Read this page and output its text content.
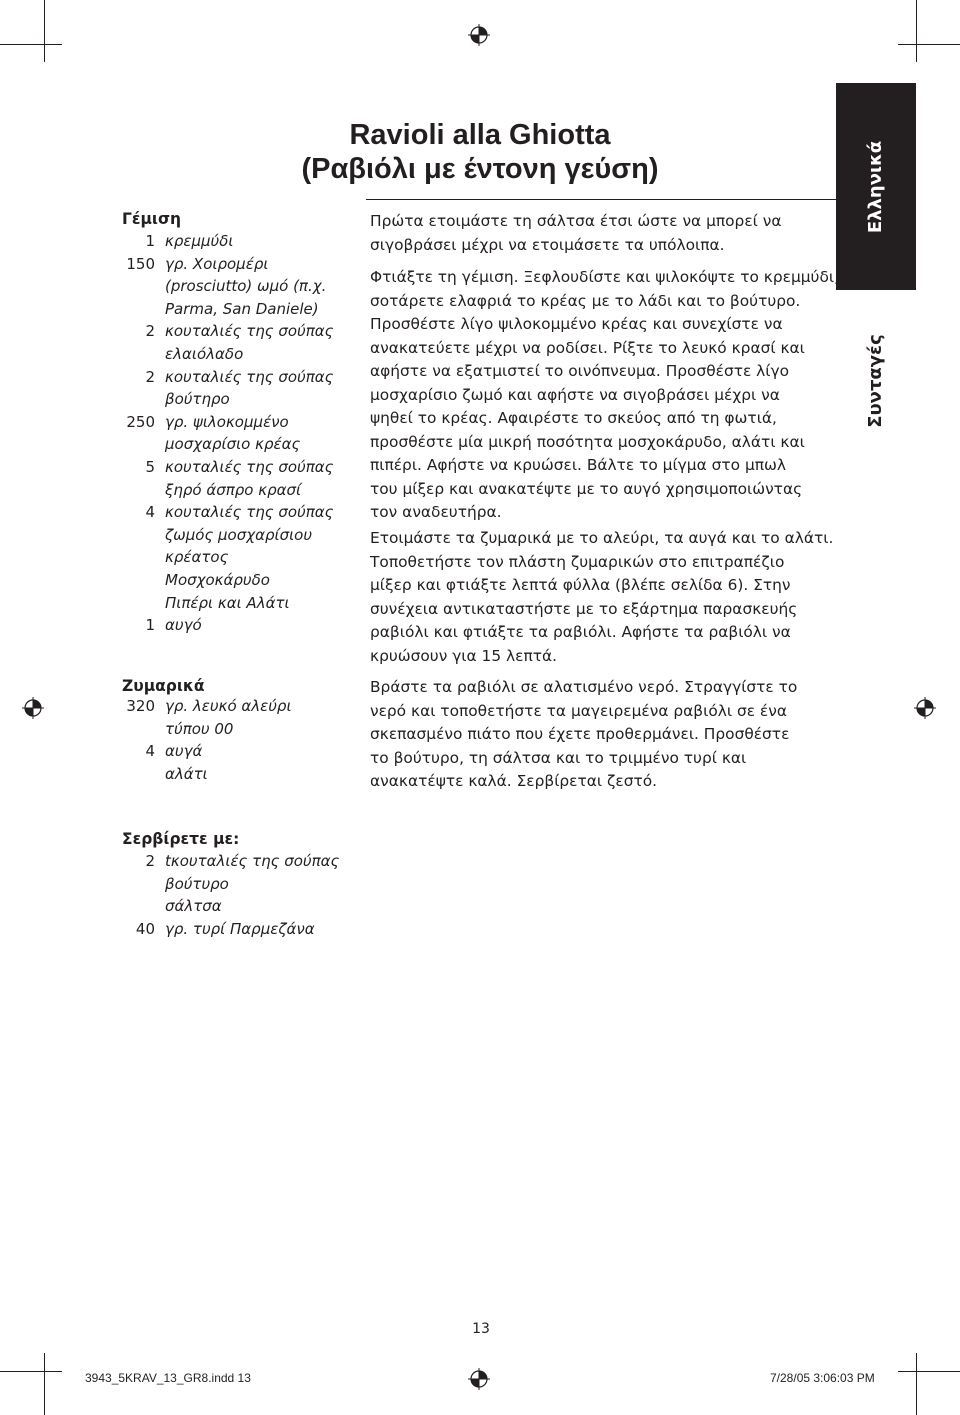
Ελληνικά
Συνταγές
Ravioli alla Ghiotta
(Ραβιόλι με έντονη γεύση)
Γέμιση
1 κρεμμύδι
150 γρ. Χοιρομέρι
(prosciutto) ωμό (π.χ.
Parma, San Daniele)
2 κουταλιές της σούπας
ελαιόλαδο
2 κουταλιές της σούπας
βούτηρο
250 γρ. ψιλοκομμένο
μοσχαρίσιο κρέας
5 κουταλιές της σούπας
ξηρό άσπρο κρασί
4 κουταλιές της σούπας
ζωμός μοσχαρίσιου
κρέατος
Μοσχοκάρυδο
Πιπέρι και Αλάτι
1 αυγό
Ζυμαρικά
320 γρ. λευκό αλεύρι
τύπου 00
4 αυγά
αλάτι
Σερβίρετε με:
2 tκουταλιές της σούπας
βούτυρο
σάλτσα
40 γρ. τυρί Παρμεζάνα
Πρώτα ετοιμάστε τη σάλτσα έτσι ώστε να μπορεί να
σιγοβράσει μέχρι να ετοιμάσετε τα υπόλοιπα.
Φτιάξτε τη γέμιση. Ξεφλουδίστε και ψιλοκόψτε το κρεμμύδι,
σοτάρετε ελαφριά το κρέας με το λάδι και το βούτυρο.
Προσθέστε λίγο ψιλοκομμένο κρέας και συνεχίστε να
ανακατεύετε μέχρι να ροδίσει. Ρίξτε το λευκό κρασί και
αφήστε να εξατμιστεί το οινόπνευμα. Προσθέστε λίγο
μοσχαρίσιο ζωμό και αφήστε να σιγοβράσει μέχρι να
ψηθεί το κρέας. Αφαιρέστε το σκεύος από τη φωτιά,
προσθέστε μία μικρή ποσότητα μοσχοκάρυδο, αλάτι και
πιπέρι. Αφήστε να κρυώσει. Βάλτε το μίγμα στο μπωλ
του μίξερ και ανακατέψτε με το αυγό χρησιμοποιώντας
τον αναδευτήρα.
Ετοιμάστε τα ζυμαρικά με το αλεύρι, τα αυγά και το αλάτι.
Τοποθετήστε τον πλάστη ζυμαρικών στο επιτραπέζιο
μίξερ και φτιάξτε λεπτά φύλλα (βλέπε σελίδα 6). Στην
συνέχεια αντικαταστήστε με το εξάρτημα παρασκευής
ραβιόλι και φτιάξτε τα ραβιόλι. Αφήστε τα ραβιόλι να
κρυώσουν για 15 λεπτά.
Βράστε τα ραβιόλι σε αλατισμένο νερό. Στραγγίστε το
νερό και τοποθετήστε τα μαγειρεμένα ραβιόλι σε ένα
σκεπασμένο πιάτο που έχετε προθερμάνει. Προσθέστε
το βούτυρο, τη σάλτσα και το τριμμένο τυρί και
ανακατέψτε καλά. Σερβίρεται ζεστό.
13
3943_5KRAV_13_GR8.indd 13	7/28/05 3:06:03 PM
